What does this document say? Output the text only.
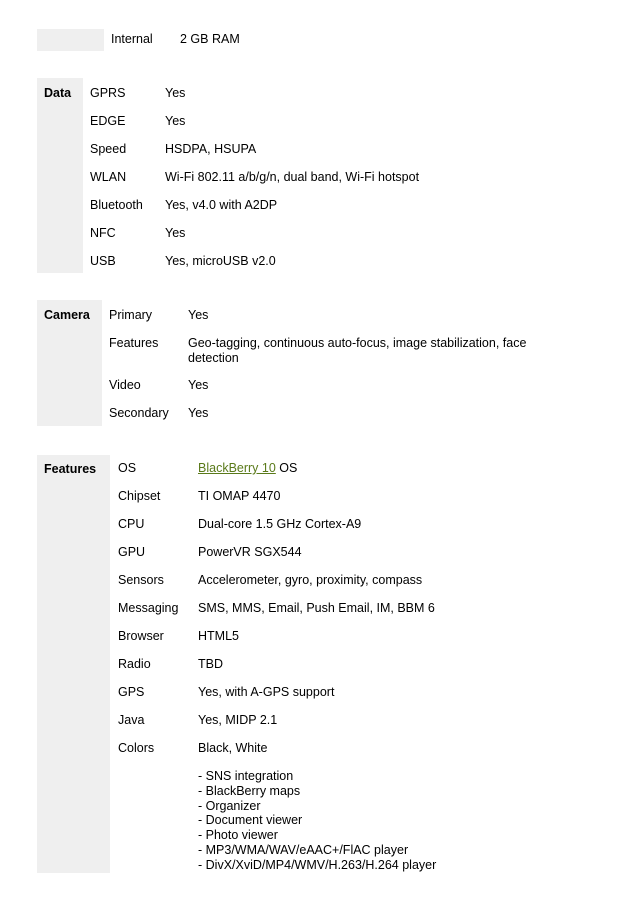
Internal 2 GB RAM
Data	GPRS	Yes
EDGE	Yes
Speed	HSDPA, HSUPA
WLAN	Wi-Fi 802.11 a/b/g/n, dual band, Wi-Fi hotspot
Bluetooth Yes, v4.0 with A2DP
NFC	Yes
USB	Yes, microUSB v2.0
Camera	Primary	Yes
Features Geo-tagging, continuous auto-focus, image stabilization, face detection
Video	Yes
Secondary Yes
Features	OS	BlackBerry 10 OS
Chipset	TI OMAP 4470
CPU	Dual-core 1.5 GHz Cortex-A9
GPU	PowerVR SGX544
Sensors	Accelerometer, gyro, proximity, compass
Messaging SMS, MMS, Email, Push Email, IM, BBM 6
Browser	HTML5
Radio	TBD
GPS	Yes, with A-GPS support
Java	Yes, MIDP 2.1
Colors	Black, White
- SNS integration
- BlackBerry maps
- Organizer
- Document viewer
- Photo viewer
- MP3/WMA/WAV/eAAC+/FlAC player
- DivX/XviD/MP4/WMV/H.263/H.264 player
